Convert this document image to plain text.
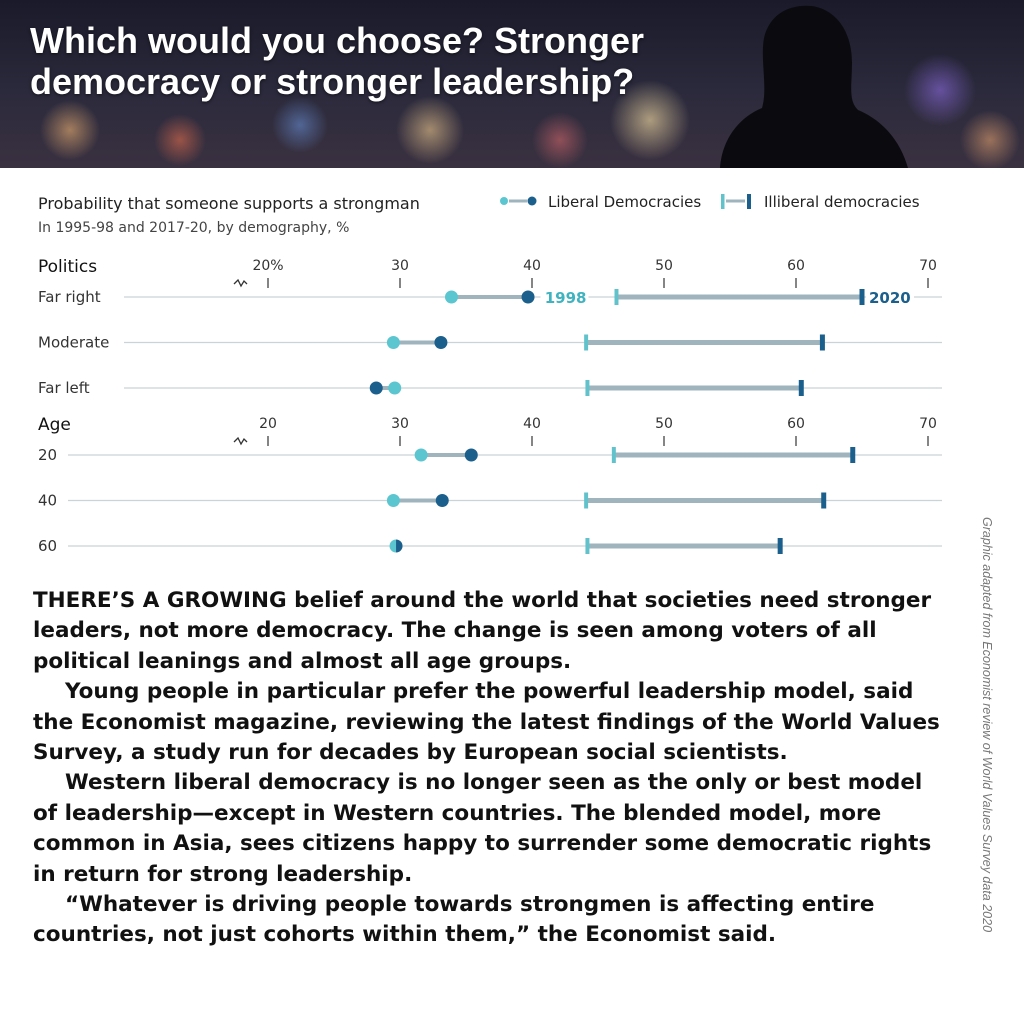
Which would you choose? Stronger democracy or stronger leadership?
Probability that someone supports a strongman
In 1995-98 and 2017-20, by demography, %
Liberal Democracies	Illiberal democracies
Politics	20%	30	40	50	60	70
Far right	1998	2020
Moderate
Far left
Age	20	30	40	50	60	70
20
40
60

THERE’S A GROWING belief around the world that societies need stronger leaders, not more democracy. The change is seen among voters of all political leanings and almost all age groups.

Young people in particular prefer the powerful leadership model, said the Economist magazine, reviewing the latest findings of the World Values Survey, a study run for decades by European social scientists.

Western liberal democracy is no longer seen as the only or best model of leadership—except in Western countries. The blended model, more common in Asia, sees citizens happy to surrender some democratic rights in return for strong leadership.

“Whatever is driving people towards strongmen is affecting entire countries, not just cohorts within them,” the Economist said.

Graphic adapted from Economist review of World Values Survey data 2020
